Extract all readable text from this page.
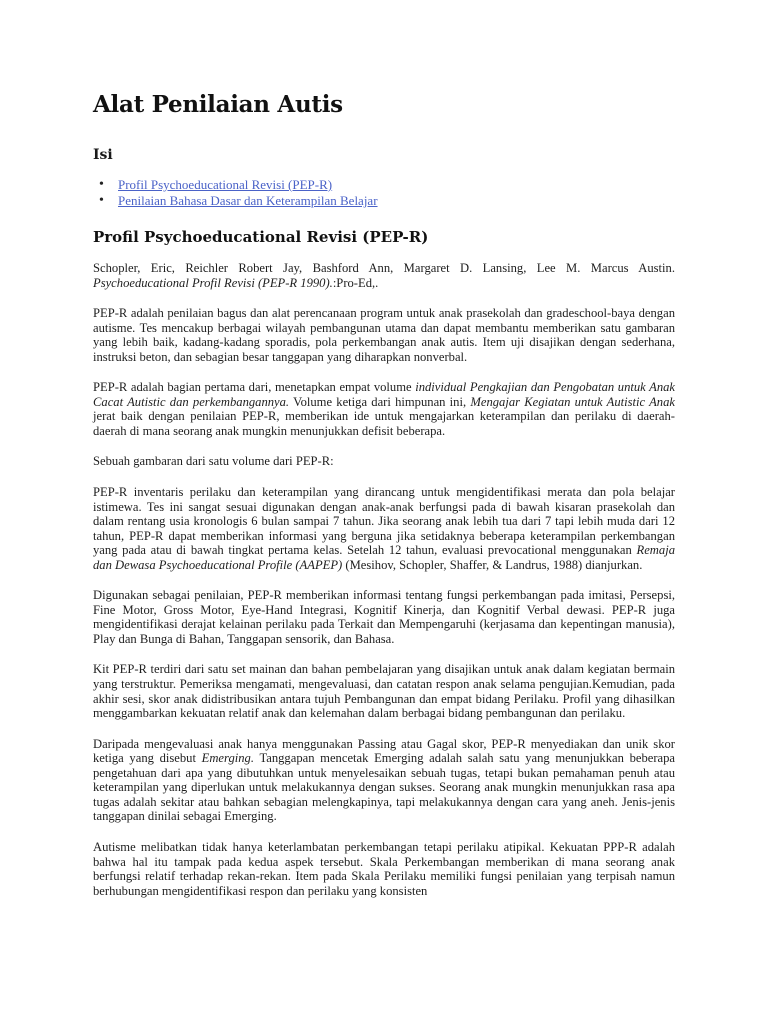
Alat Penilaian Autis
Isi
• Profil Psychoeducational Revisi (PEP-R)
• Penilaian Bahasa Dasar dan Keterampilan Belajar
Profil Psychoeducational Revisi (PEP-R)

Schopler, Eric, Reichler Robert Jay, Bashford Ann, Margaret D. Lansing, Lee M. Marcus Austin. Psychoeducational Profil Revisi (PEP-R 1990).:Pro-Ed,.

PEP-R adalah penilaian bagus dan alat perencanaan program untuk anak prasekolah dan gradeschool-baya dengan autisme. Tes mencakup berbagai wilayah pembangunan utama dan dapat membantu memberikan satu gambaran yang lebih baik, kadang-kadang sporadis, pola perkembangan anak autis. Item uji disajikan dengan sederhana, instruksi beton, dan sebagian besar tanggapan yang diharapkan nonverbal.

PEP-R adalah bagian pertama dari, menetapkan empat volume individual Pengkajian dan Pengobatan untuk Anak Cacat Autistic dan perkembangannya. Volume ketiga dari himpunan ini, Mengajar Kegiatan untuk Autistic Anak jerat baik dengan penilaian PEP-R, memberikan ide untuk mengajarkan keterampilan dan perilaku di daerah-daerah di mana seorang anak mungkin menunjukkan defisit beberapa.

Sebuah gambaran dari satu volume dari PEP-R:

PEP-R inventaris perilaku dan keterampilan yang dirancang untuk mengidentifikasi merata dan pola belajar istimewa. Tes ini sangat sesuai digunakan dengan anak-anak berfungsi pada di bawah kisaran prasekolah dan dalam rentang usia kronologis 6 bulan sampai 7 tahun. Jika seorang anak lebih tua dari 7 tapi lebih muda dari 12 tahun, PEP-R dapat memberikan informasi yang berguna jika setidaknya beberapa keterampilan perkembangan yang pada atau di bawah tingkat pertama kelas. Setelah 12 tahun, evaluasi prevocational menggunakan Remaja dan Dewasa Psychoeducational Profile (AAPEP) (Mesihov, Schopler, Shaffer, & Landrus, 1988) dianjurkan.

Digunakan sebagai penilaian, PEP-R memberikan informasi tentang fungsi perkembangan pada imitasi, Persepsi, Fine Motor, Gross Motor, Eye-Hand Integrasi, Kognitif Kinerja, dan Kognitif Verbal dewasi. PEP-R juga mengidentifikasi derajat kelainan perilaku pada Terkait dan Mempengaruhi (kerjasama dan kepentingan manusia), Play dan Bunga di Bahan, Tanggapan sensorik, dan Bahasa.

Kit PEP-R terdiri dari satu set mainan dan bahan pembelajaran yang disajikan untuk anak dalam kegiatan bermain yang terstruktur. Pemeriksa mengamati, mengevaluasi, dan catatan respon anak selama pengujian.Kemudian, pada akhir sesi, skor anak didistribusikan antara tujuh Pembangunan dan empat bidang Perilaku. Profil yang dihasilkan menggambarkan kekuatan relatif anak dan kelemahan dalam berbagai bidang pembangunan dan perilaku.

Daripada mengevaluasi anak hanya menggunakan Passing atau Gagal skor, PEP-R menyediakan dan unik skor ketiga yang disebut Emerging. Tanggapan mencetak Emerging adalah salah satu yang menunjukkan beberapa pengetahuan dari apa yang dibutuhkan untuk menyelesaikan sebuah tugas, tetapi bukan pemahaman penuh atau keterampilan yang diperlukan untuk melakukannya dengan sukses. Seorang anak mungkin menunjukkan rasa apa tugas adalah sekitar atau bahkan sebagian melengkapinya, tapi melakukannya dengan cara yang aneh. Jenis-jenis tanggapan dinilai sebagai Emerging.

Autisme melibatkan tidak hanya keterlambatan perkembangan tetapi perilaku atipikal. Kekuatan PPP-R adalah bahwa hal itu tampak pada kedua aspek tersebut. Skala Perkembangan memberikan di mana seorang anak berfungsi relatif terhadap rekan-rekan. Item pada Skala Perilaku memiliki fungsi penilaian yang terpisah namun berhubungan mengidentifikasi respon dan perilaku yang konsisten
